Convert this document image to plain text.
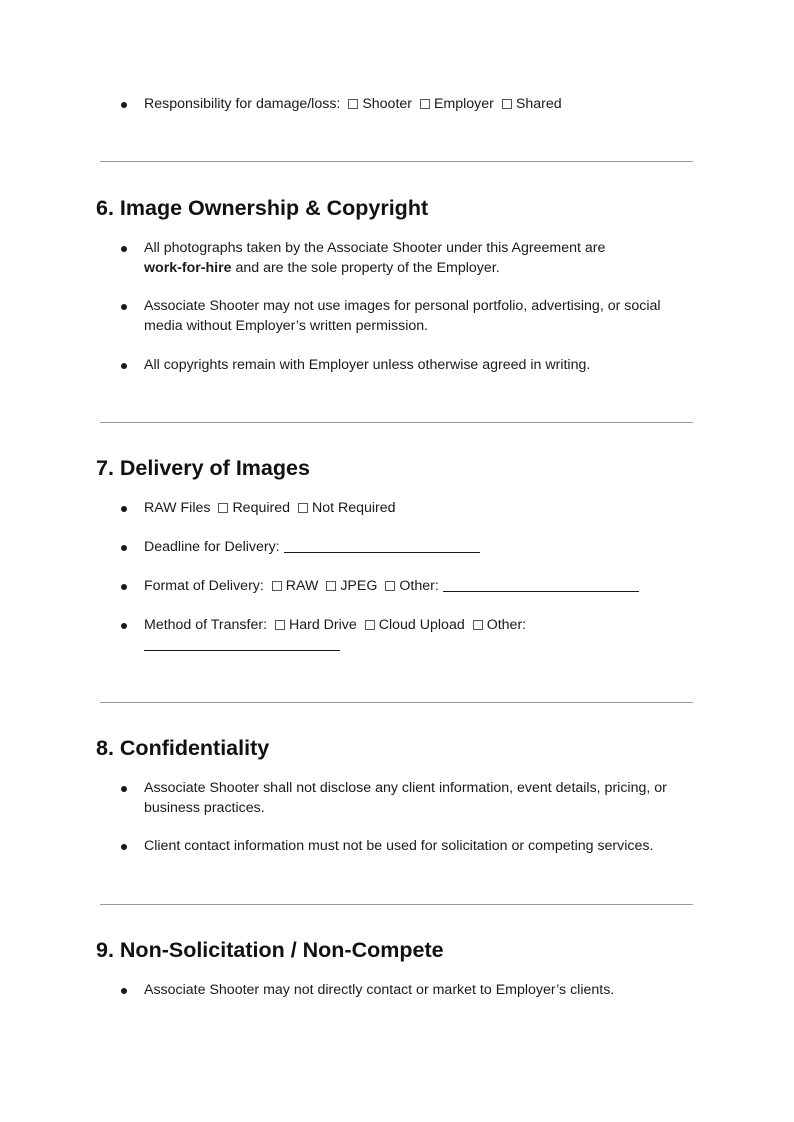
Responsibility for damage/loss: Shooter Employer Shared
6. Image Ownership & Copyright
All photographs taken by the Associate Shooter under this Agreement are
work-for-hire and are the sole property of the Employer.
Associate Shooter may not use images for personal portfolio, advertising, or social
media without Employer’s written permission.
All copyrights remain with Employer unless otherwise agreed in writing.
7. Delivery of Images
RAW Files Required Not Required
Deadline for Delivery:
Format of Delivery: RAW JPEG Other:
Method of Transfer: Hard Drive Cloud Upload Other:

8. Confidentiality
Associate Shooter shall not disclose any client information, event details, pricing, or
business practices.
Client contact information must not be used for solicitation or competing services.
9. Non-Solicitation / Non-Compete
Associate Shooter may not directly contact or market to Employer’s clients.
